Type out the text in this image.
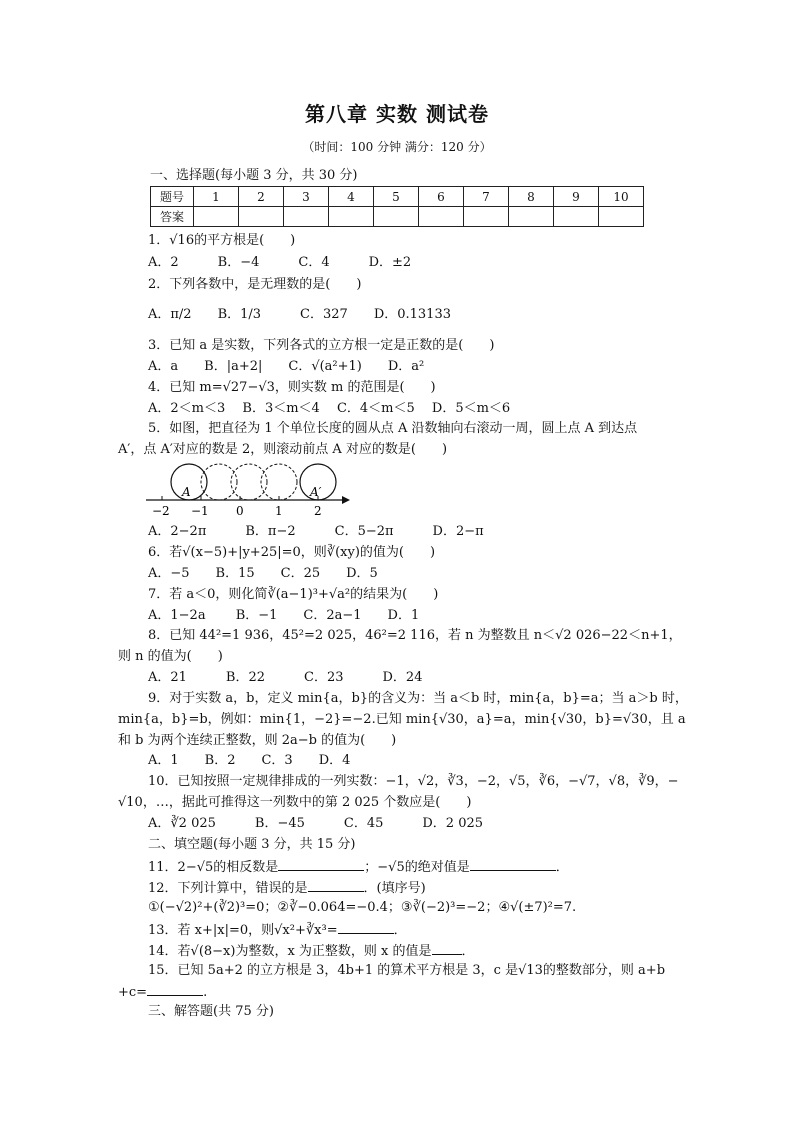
第八章 实数 测试卷
（时间：100 分钟 满分：120 分）
一、选择题(每小题 3 分，共 30 分)
题号	1	2	3	4	5	6	7	8	9	10
答案										
1．√16的平方根是(　　)
A．2　　　B．−4　　　C．4　　　D．±2
2．下列各数中，是无理数的是(　　)
A．π/2　　B．1/3　　　C．327　　D．0.13133
3．已知 a 是实数，下列各式的立方根一定是正数的是(　　)
A．a　　B．|a+2|　　C．√(a²+1)　　D．a²
4．已知 m=√27−√3，则实数 m 的范围是(　　)
A．2＜m＜3　 B．3＜m＜4　 C．4＜m＜5　 D．5＜m＜6
5．如图，把直径为 1 个单位长度的圆从点 A 沿数轴向右滚动一周，圆上点 A 到达点
A′，点 A′对应的数是 2，则滚动前点 A 对应的数是(　　)
A	A′
−2 −1 0	1	2
A．2−2π　　　B．π−2　　　C．5−2π　　　D．2−π
6．若√(x−5)+|y+25|=0，则∛(xy)的值为(　　)
A．−5　　B．15　　C．25　　D．5
7．若 a＜0，则化简∛(a−1)³+√a²的结果为(　　)
A．1−2a　　 B．−1　　C．2a−1　　D．1
8．已知 44²=1 936，45²=2 025，46²=2 116，若 n 为整数且 n＜√2 026−22＜n+1，
则 n 的值为(　　)
A．21　　　B．22　　　C．23　　　D．24
9．对于实数 a，b，定义 min{a，b}的含义为：当 a＜b 时，min{a，b}=a；当 a＞b 时，
min{a，b}=b，例如：min{1，−2}=−2.已知 min{√30，a}=a，min{√30，b}=√30，且 a
和 b 为两个连续正整数，则 2a−b 的值为(　　)
A．1　　B．2　　C．3　　D．4
10．已知按照一定规律排成的一列实数：−1，√2，∛3，−2，√5，∛6，−√7，√8，∛9，−
√10，…，据此可推得这一列数中的第 2 025 个数应是(　　)
A．∛2 025　　　B．−45　　　C．45　　　D．2 025
二、填空题(每小题 3 分，共 15 分)
11．2−√5的相反数是	；−√5的绝对值是	．
12．下列计算中，错误的是	．(填序号)
①(−√2)²+(∛2)³=0；②∛−0.064=−0.4；③∛(−2)³=−2；④√(±7)²=7.
13．若 x+|x|=0，则√x²+∛x³=	．
14．若√(8−x)为整数，x 为正整数，则 x 的值是 ．
15．已知 5a+2 的立方根是 3，4b+1 的算术平方根是 3，c 是√13的整数部分，则 a+b
+c=	.
三、解答题(共 75 分)
